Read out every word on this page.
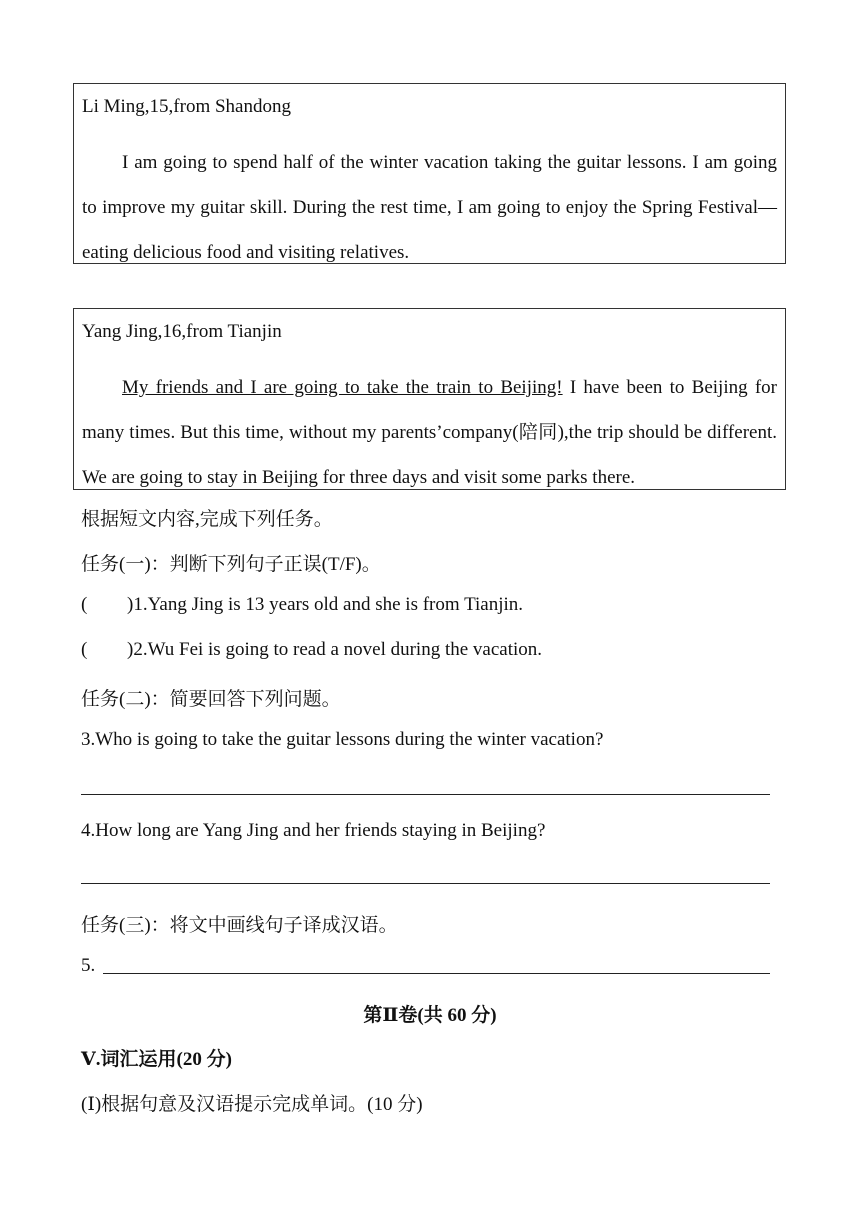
Li Ming,15,from Shandong
I am going to spend half of the winter vacation taking the guitar lessons. I am going to improve my guitar skill. During the rest time, I am going to enjoy the Spring Festival—eating delicious food and visiting relatives.
Yang Jing,16,from Tianjin
My friends and I are going to take the train to Beijing! I have been to Beijing for many times. But this time, without my parents’company(陪同),the trip should be different. We are going to stay in Beijing for three days and visit some parks there.
根据短文内容,完成下列任务。
任务(一)：判断下列句子正误(T/F)。
( )1.Yang Jing is 13 years old and she is from Tianjin.
( )2.Wu Fei is going to read a novel during the vacation.
任务(二)：简要回答下列问题。
3.Who is going to take the guitar lessons during the winter vacation?
4.How long are Yang Jing and her friends staying in Beijing?
任务(三)：将文中画线句子译成汉语。
5.
第Ⅱ卷(共 60 分)
Ⅴ.词汇运用(20 分)
(Ⅰ)根据句意及汉语提示完成单词。(10 分)
